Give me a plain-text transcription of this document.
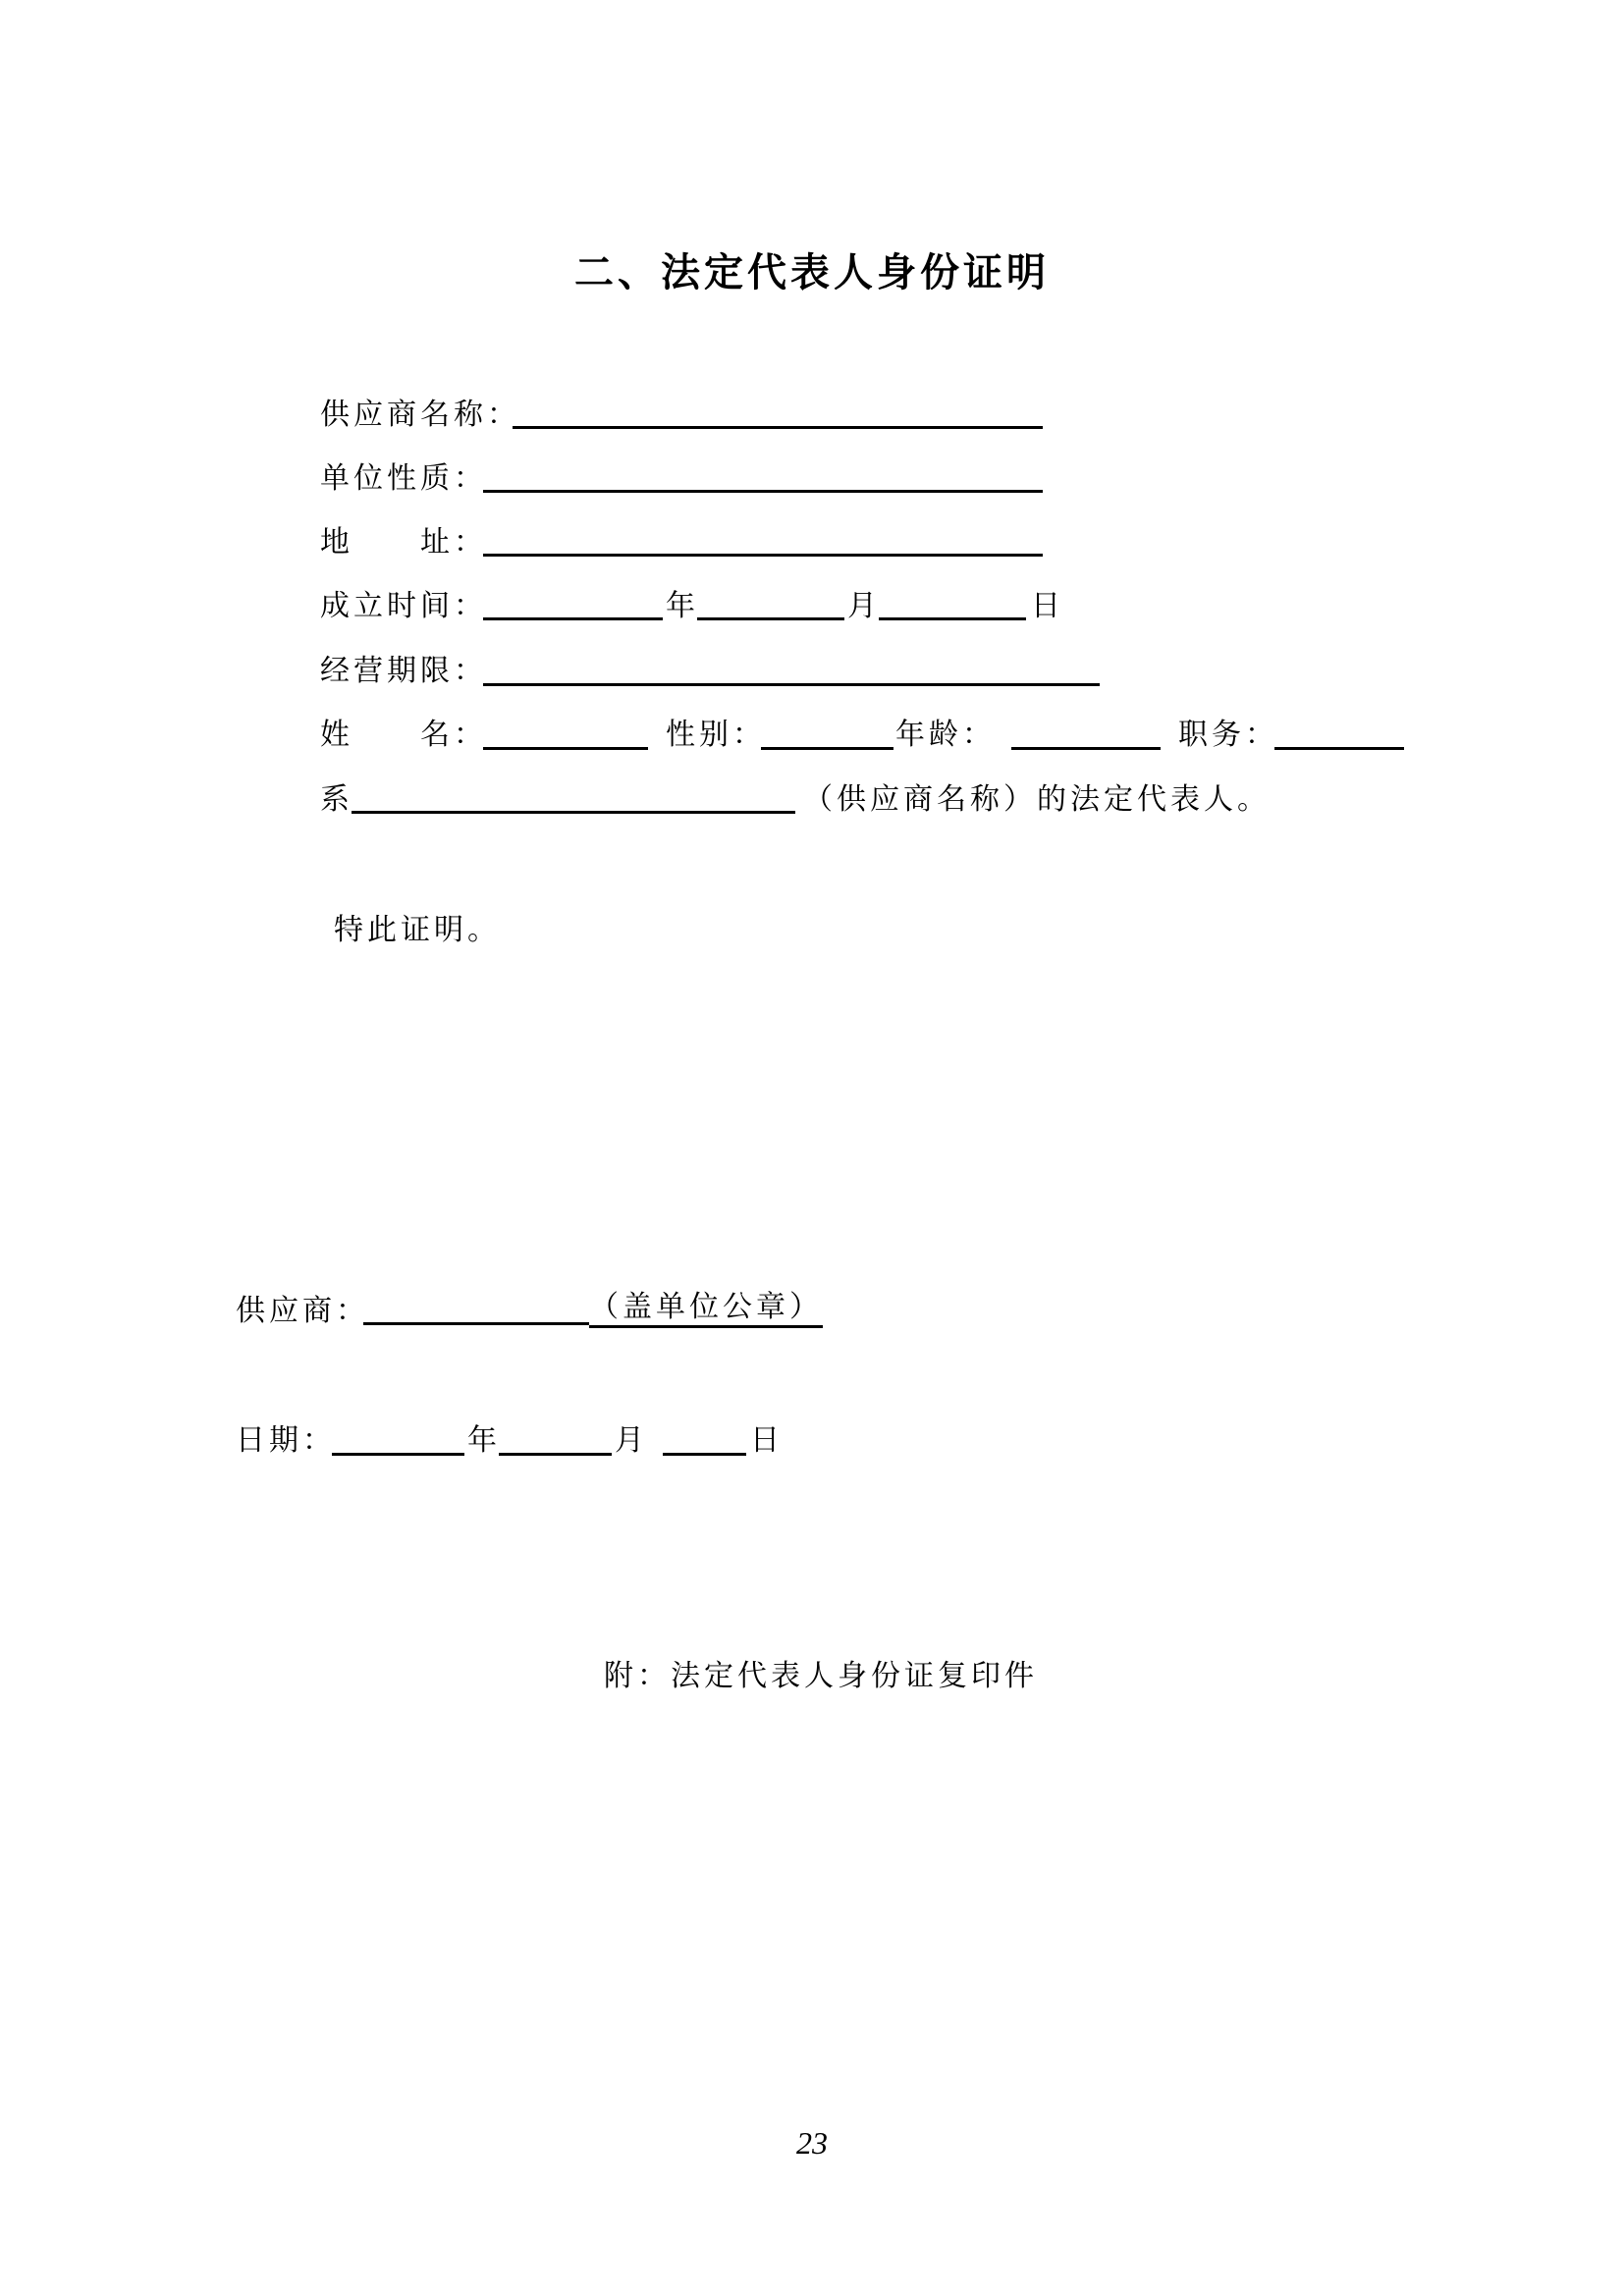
二、法定代表人身份证明
供应商名称：
单位性质：
地 址：
成立时间：	年	月	日
经营期限：
姓 名：	性别：	年龄：	职务：
系	（供应商名称）的法定代表人。
特此证明。
供应商：	（盖单位公章）
日期：	年	月	日
附：法定代表人身份证复印件
23
